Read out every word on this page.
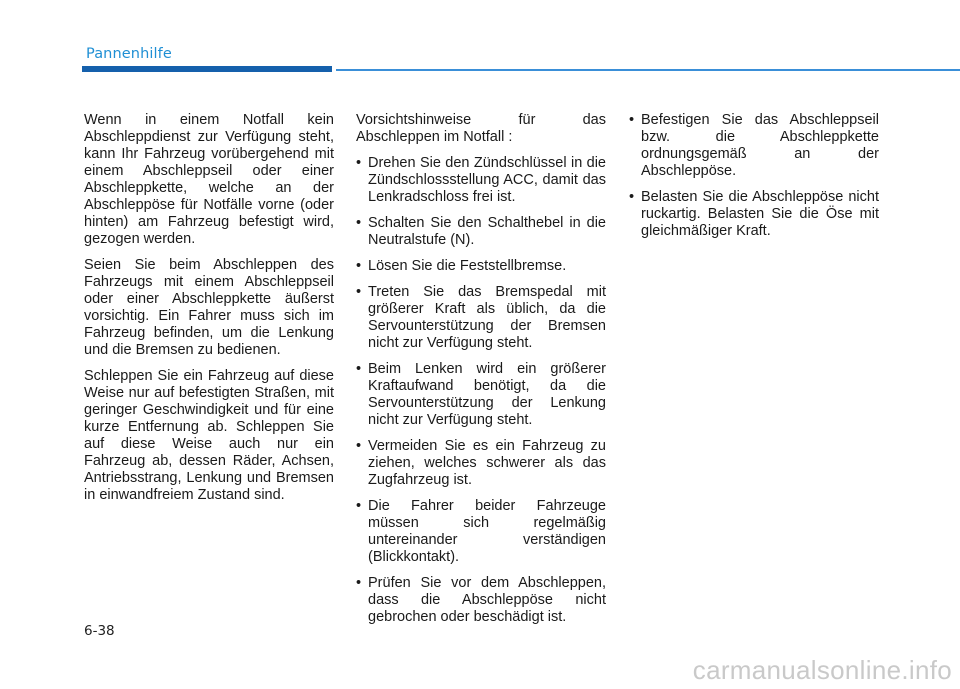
Pannenhilfe

Wenn in einem Notfall kein Abschleppdienst zur Verfügung steht, kann Ihr Fahrzeug vorübergehend mit einem Abschleppseil oder einer Abschleppkette, welche an der Abschleppöse für Notfälle vorne (oder hinten) am Fahrzeug befestigt wird, gezogen werden.

Seien Sie beim Abschleppen des Fahrzeugs mit einem Abschleppseil oder einer Abschleppkette äußerst vorsichtig. Ein Fahrer muss sich im Fahrzeug befinden, um die Lenkung und die Bremsen zu bedienen.

Schleppen Sie ein Fahrzeug auf diese Weise nur auf befestigten Straßen, mit geringer Geschwindigkeit und für eine kurze Entfernung ab. Schleppen Sie auf diese Weise auch nur ein Fahrzeug ab, dessen Räder, Achsen, Antriebsstrang, Lenkung und Bremsen in einwandfreiem Zustand sind.

Vorsichtshinweise für das Abschleppen im Notfall :

• Drehen Sie den Zündschlüssel in die Zündschlossstellung ACC, damit das Lenkradschloss frei ist.
• Schalten Sie den Schalthebel in die Neutralstufe (N).
• Lösen Sie die Feststellbremse.
• Treten Sie das Bremspedal mit größerer Kraft als üblich, da die Servounterstützung der Bremsen nicht zur Verfügung steht.
• Beim Lenken wird ein größerer Kraftaufwand benötigt, da die Servounterstützung der Lenkung nicht zur Verfügung steht.
• Vermeiden Sie es ein Fahrzeug zu ziehen, welches schwerer als das Zugfahrzeug ist.
• Die Fahrer beider Fahrzeuge müssen sich regelmäßig untereinander verständigen (Blickkontakt).
• Prüfen Sie vor dem Abschleppen, dass die Abschleppöse nicht gebrochen oder beschädigt ist.
• Befestigen Sie das Abschleppseil bzw. die Abschleppkette ordnungsgemäß an der Abschleppöse.
• Belasten Sie die Abschleppöse nicht ruckartig. Belasten Sie die Öse mit gleichmäßiger Kraft.
6-38
carmanualsonline.info
